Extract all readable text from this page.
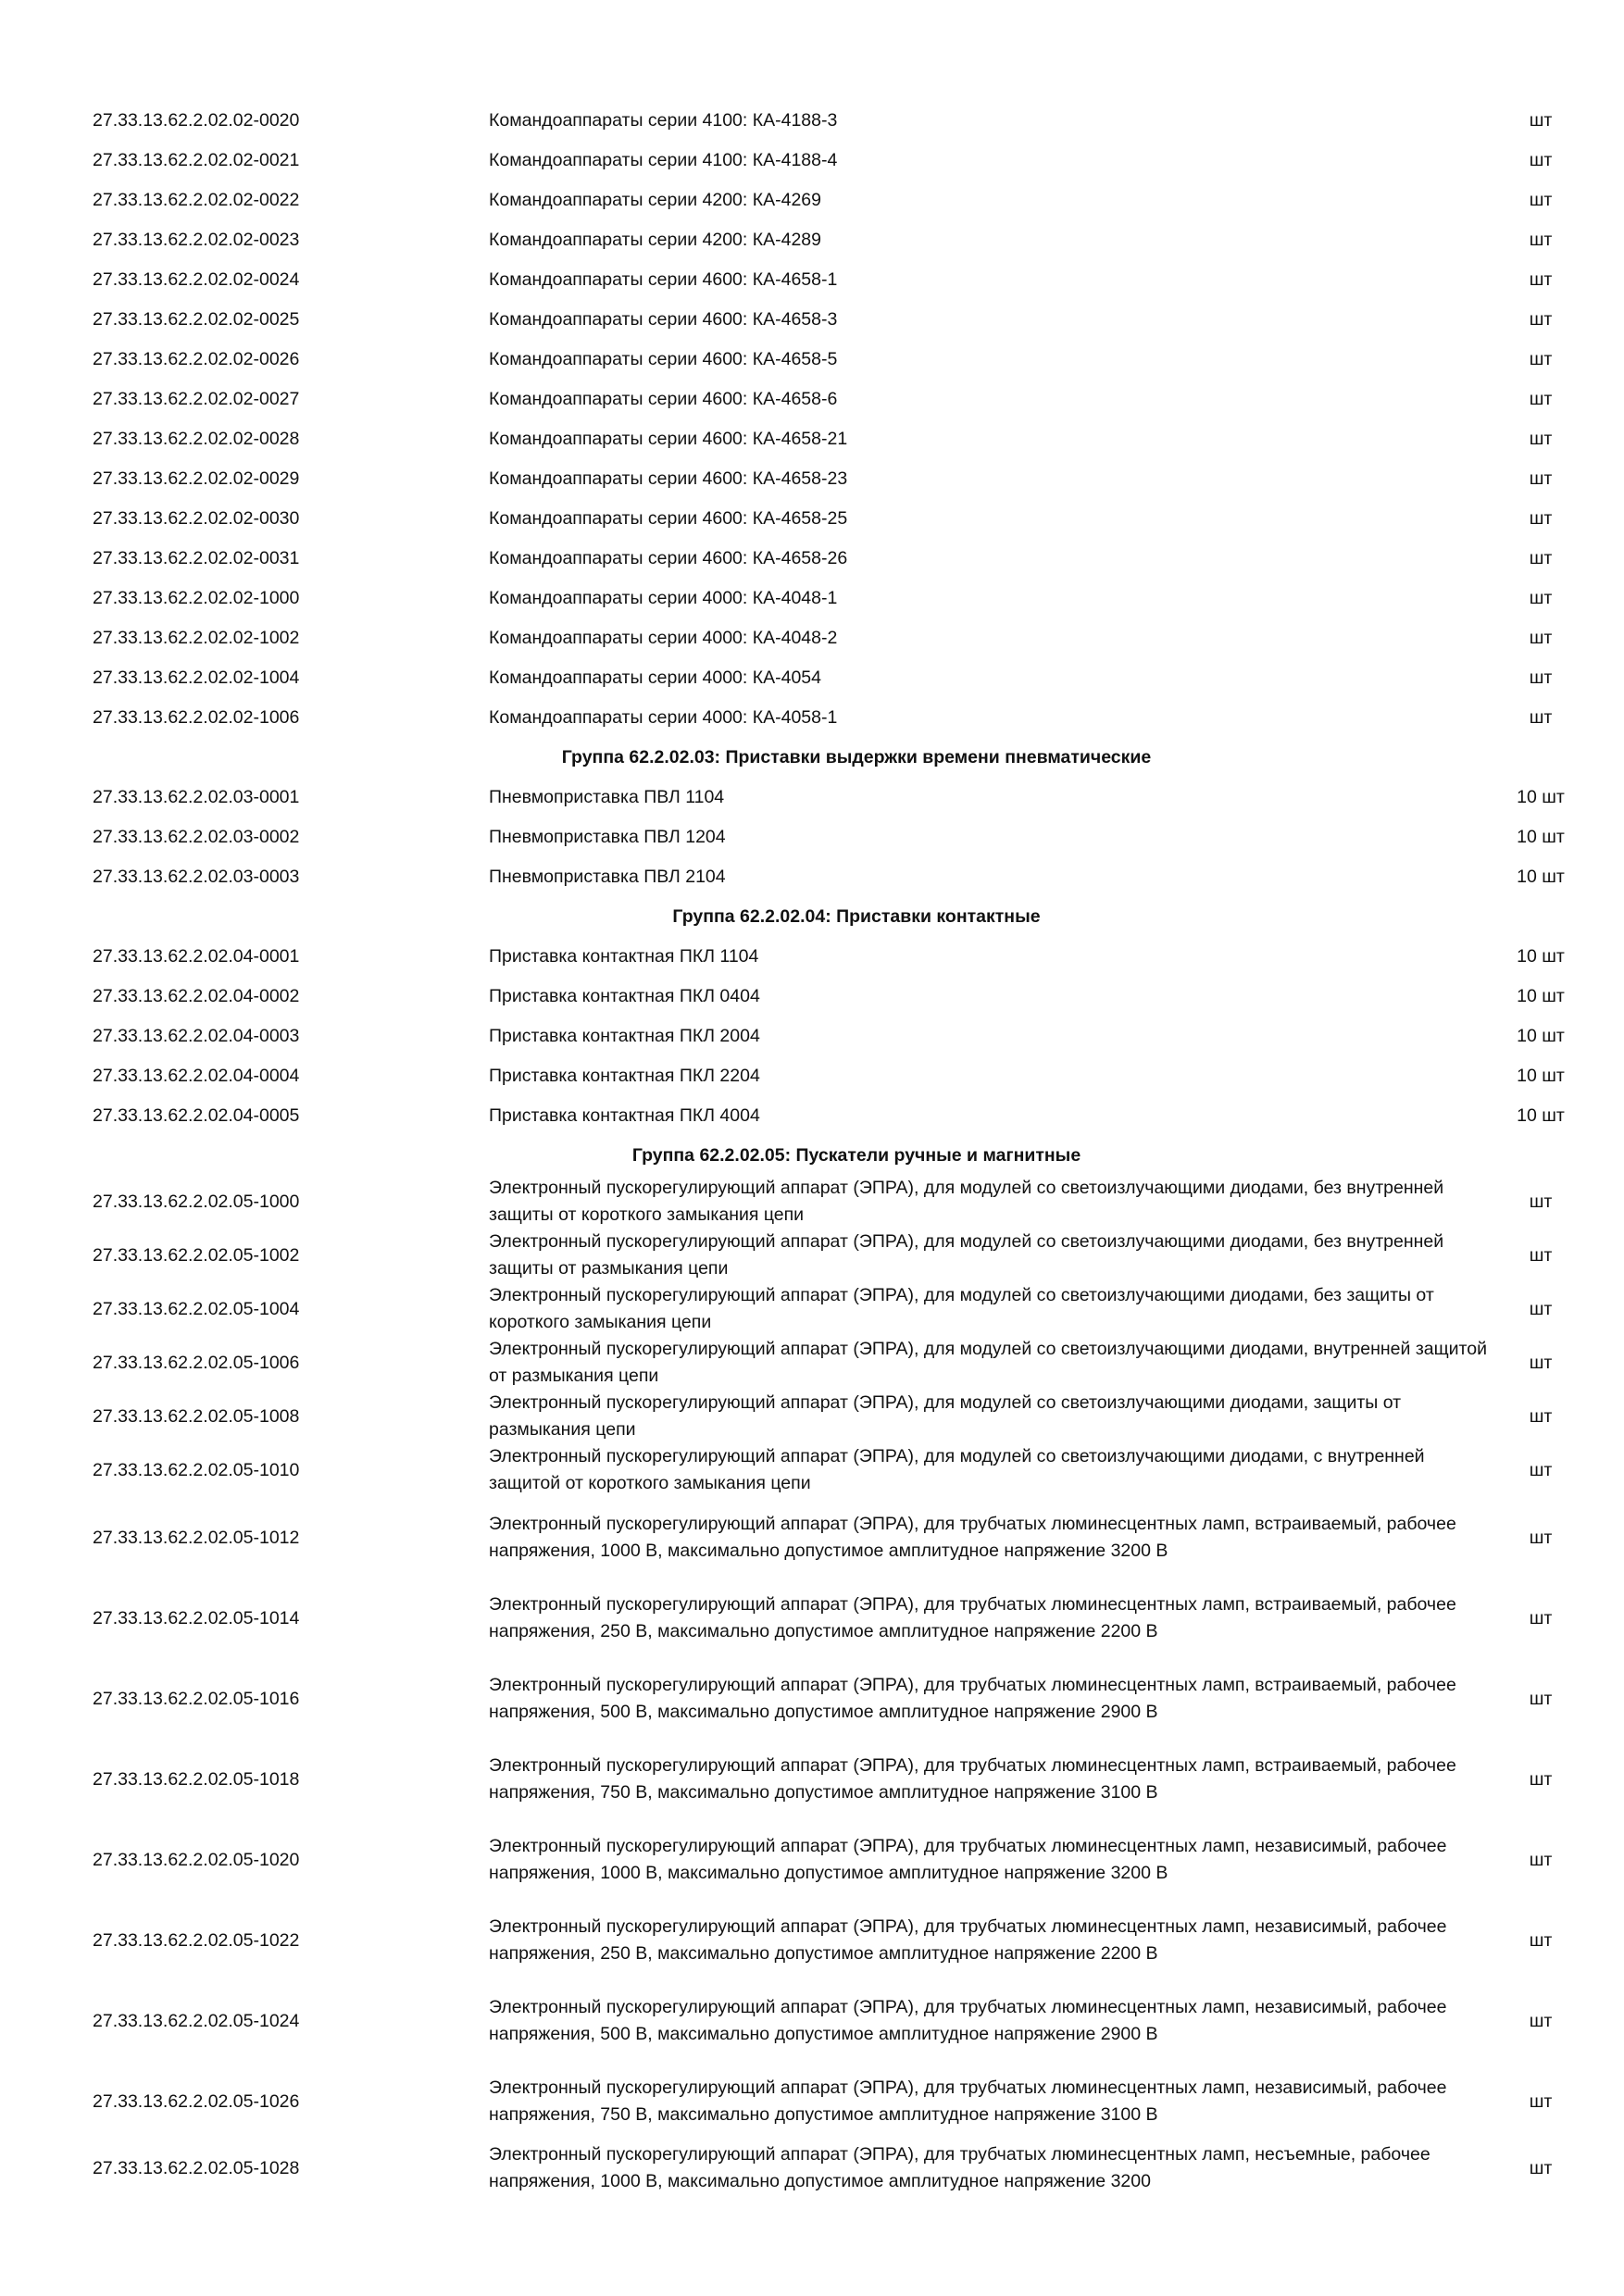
27.33.13.62.2.02.02-0020	Командоаппараты серии 4100: КА-4188-3	шт
27.33.13.62.2.02.02-0021	Командоаппараты серии 4100: КА-4188-4	шт
27.33.13.62.2.02.02-0022	Командоаппараты серии 4200: КА-4269	шт
27.33.13.62.2.02.02-0023	Командоаппараты серии 4200: КА-4289	шт
27.33.13.62.2.02.02-0024	Командоаппараты серии 4600: КА-4658-1	шт
27.33.13.62.2.02.02-0025	Командоаппараты серии 4600: КА-4658-3	шт
27.33.13.62.2.02.02-0026	Командоаппараты серии 4600: КА-4658-5	шт
27.33.13.62.2.02.02-0027	Командоаппараты серии 4600: КА-4658-6	шт
27.33.13.62.2.02.02-0028	Командоаппараты серии 4600: КА-4658-21	шт
27.33.13.62.2.02.02-0029	Командоаппараты серии 4600: КА-4658-23	шт
27.33.13.62.2.02.02-0030	Командоаппараты серии 4600: КА-4658-25	шт
27.33.13.62.2.02.02-0031	Командоаппараты серии 4600: КА-4658-26	шт
27.33.13.62.2.02.02-1000	Командоаппараты серии 4000: КА-4048-1	шт
27.33.13.62.2.02.02-1002	Командоаппараты серии 4000: КА-4048-2	шт
27.33.13.62.2.02.02-1004	Командоаппараты серии 4000: КА-4054	шт
27.33.13.62.2.02.02-1006	Командоаппараты серии 4000: КА-4058-1	шт
Группа 62.2.02.03: Приставки выдержки времени пневматические		
27.33.13.62.2.02.03-0001	Пневмоприставка ПВЛ 1104	10 шт
27.33.13.62.2.02.03-0002	Пневмоприставка ПВЛ 1204	10 шт
27.33.13.62.2.02.03-0003	Пневмоприставка ПВЛ 2104	10 шт
Группа 62.2.02.04: Приставки контактные		
27.33.13.62.2.02.04-0001	Приставка контактная ПКЛ 1104	10 шт
27.33.13.62.2.02.04-0002	Приставка контактная ПКЛ 0404	10 шт
27.33.13.62.2.02.04-0003	Приставка контактная ПКЛ 2004	10 шт
27.33.13.62.2.02.04-0004	Приставка контактная ПКЛ 2204	10 шт
27.33.13.62.2.02.04-0005	Приставка контактная ПКЛ 4004	10 шт
Группа 62.2.02.05: Пускатели ручные и магнитные		
27.33.13.62.2.02.05-1000	Электронный пускорегулирующий аппарат (ЭПРА), для модулей со светоизлучающими диодами, без внутренней защиты от короткого замыкания цепи	шт
27.33.13.62.2.02.05-1002	Электронный пускорегулирующий аппарат (ЭПРА), для модулей со светоизлучающими диодами, без внутренней защиты от размыкания цепи	шт
27.33.13.62.2.02.05-1004	Электронный пускорегулирующий аппарат (ЭПРА), для модулей со светоизлучающими диодами, без защиты от короткого замыкания цепи	шт
27.33.13.62.2.02.05-1006	Электронный пускорегулирующий аппарат (ЭПРА), для модулей со светоизлучающими диодами, внутренней защитой от размыкания цепи	шт
27.33.13.62.2.02.05-1008	Электронный пускорегулирующий аппарат (ЭПРА), для модулей со светоизлучающими диодами, защиты от размыкания цепи	шт
27.33.13.62.2.02.05-1010	Электронный пускорегулирующий аппарат (ЭПРА), для модулей со светоизлучающими диодами, с внутренней защитой от короткого замыкания цепи	шт
27.33.13.62.2.02.05-1012	Электронный пускорегулирующий аппарат (ЭПРА), для трубчатых люминесцентных ламп, встраиваемый, рабочее напряжения, 1000 В, максимально допустимое амплитудное напряжение 3200 В	шт
27.33.13.62.2.02.05-1014	Электронный пускорегулирующий аппарат (ЭПРА), для трубчатых люминесцентных ламп, встраиваемый, рабочее напряжения, 250 В, максимально допустимое амплитудное напряжение 2200 В	шт
27.33.13.62.2.02.05-1016	Электронный пускорегулирующий аппарат (ЭПРА), для трубчатых люминесцентных ламп, встраиваемый, рабочее напряжения, 500 В, максимально допустимое амплитудное напряжение 2900 В	шт
27.33.13.62.2.02.05-1018	Электронный пускорегулирующий аппарат (ЭПРА), для трубчатых люминесцентных ламп, встраиваемый, рабочее напряжения, 750 В, максимально допустимое амплитудное напряжение 3100 В	шт
27.33.13.62.2.02.05-1020	Электронный пускорегулирующий аппарат (ЭПРА), для трубчатых люминесцентных ламп, независимый, рабочее напряжения, 1000 В, максимально допустимое амплитудное напряжение 3200 В	шт
27.33.13.62.2.02.05-1022	Электронный пускорегулирующий аппарат (ЭПРА), для трубчатых люминесцентных ламп, независимый, рабочее напряжения, 250 В, максимально допустимое амплитудное напряжение 2200 В	шт
27.33.13.62.2.02.05-1024	Электронный пускорегулирующий аппарат (ЭПРА), для трубчатых люминесцентных ламп, независимый, рабочее напряжения, 500 В, максимально допустимое амплитудное напряжение 2900 В	шт
27.33.13.62.2.02.05-1026	Электронный пускорегулирующий аппарат (ЭПРА), для трубчатых люминесцентных ламп, независимый, рабочее напряжения, 750 В, максимально допустимое амплитудное напряжение 3100 В	шт
27.33.13.62.2.02.05-1028	Электронный пускорегулирующий аппарат (ЭПРА), для трубчатых люминесцентных ламп, несъемные, рабочее напряжения, 1000 В, максимально допустимое амплитудное напряжение 3200	шт
